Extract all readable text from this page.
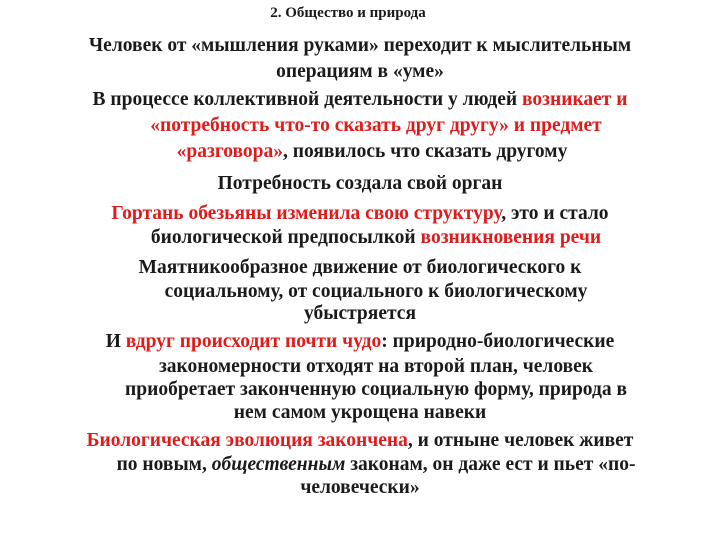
2. Общество и природа
Человек от «мышления руками» переходит к мыслительным
операциям в «уме»
В процессе коллективной деятельности у людей возникает и
«потребность что-то сказать друг другу» и предмет
«разговора», появилось что сказать другому
Потребность создала свой орган
Гортань обезьяны изменила свою структуру, это и стало
биологической предпосылкой возникновения речи
Маятникообразное движение от биологического к
социальному, от социального к биологическому
убыстряется
И вдруг происходит почти чудо: природно-биологические
закономерности отходят на второй план, человек
приобретает законченную социальную форму, природа в
нем самом укрощена навеки
Биологическая эволюция закончена, и отныне человек живет
по новым, общественным законам, он даже ест и пьет «по-
человечески»
